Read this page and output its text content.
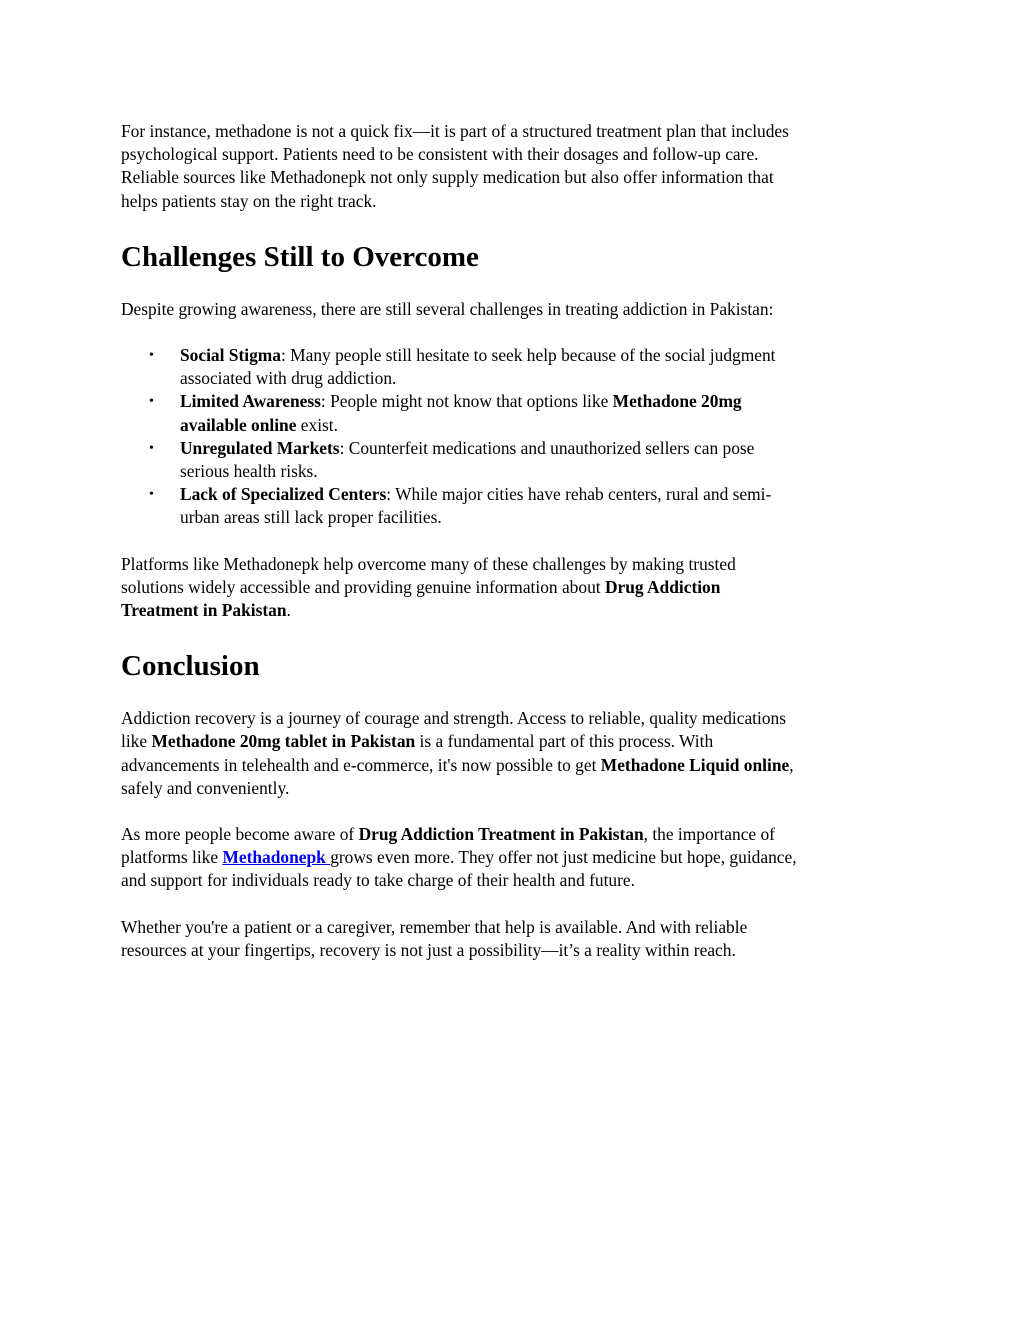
For instance, methadone is not a quick fix—it is part of a structured treatment plan that includes
psychological support. Patients need to be consistent with their dosages and follow-up care.
Reliable sources like Methadonepk not only supply medication but also offer information that
helps patients stay on the right track.

Challenges Still to Overcome

Despite growing awareness, there are still several challenges in treating addiction in Pakistan:

• Social Stigma: Many people still hesitate to seek help because of the social judgment
associated with drug addiction.
• Limited Awareness: People might not know that options like Methadone 20mg
available online exist.
• Unregulated Markets: Counterfeit medications and unauthorized sellers can pose
serious health risks.
• Lack of Specialized Centers: While major cities have rehab centers, rural and semi-
urban areas still lack proper facilities.

Platforms like Methadonepk help overcome many of these challenges by making trusted
solutions widely accessible and providing genuine information about Drug Addiction
Treatment in Pakistan.

Conclusion

Addiction recovery is a journey of courage and strength. Access to reliable, quality medications
like Methadone 20mg tablet in Pakistan is a fundamental part of this process. With
advancements in telehealth and e-commerce, it's now possible to get Methadone Liquid online,
safely and conveniently.

As more people become aware of Drug Addiction Treatment in Pakistan, the importance of
platforms like Methadonepk grows even more. They offer not just medicine but hope, guidance,
and support for individuals ready to take charge of their health and future.

Whether you're a patient or a caregiver, remember that help is available. And with reliable
resources at your fingertips, recovery is not just a possibility—it’s a reality within reach.
